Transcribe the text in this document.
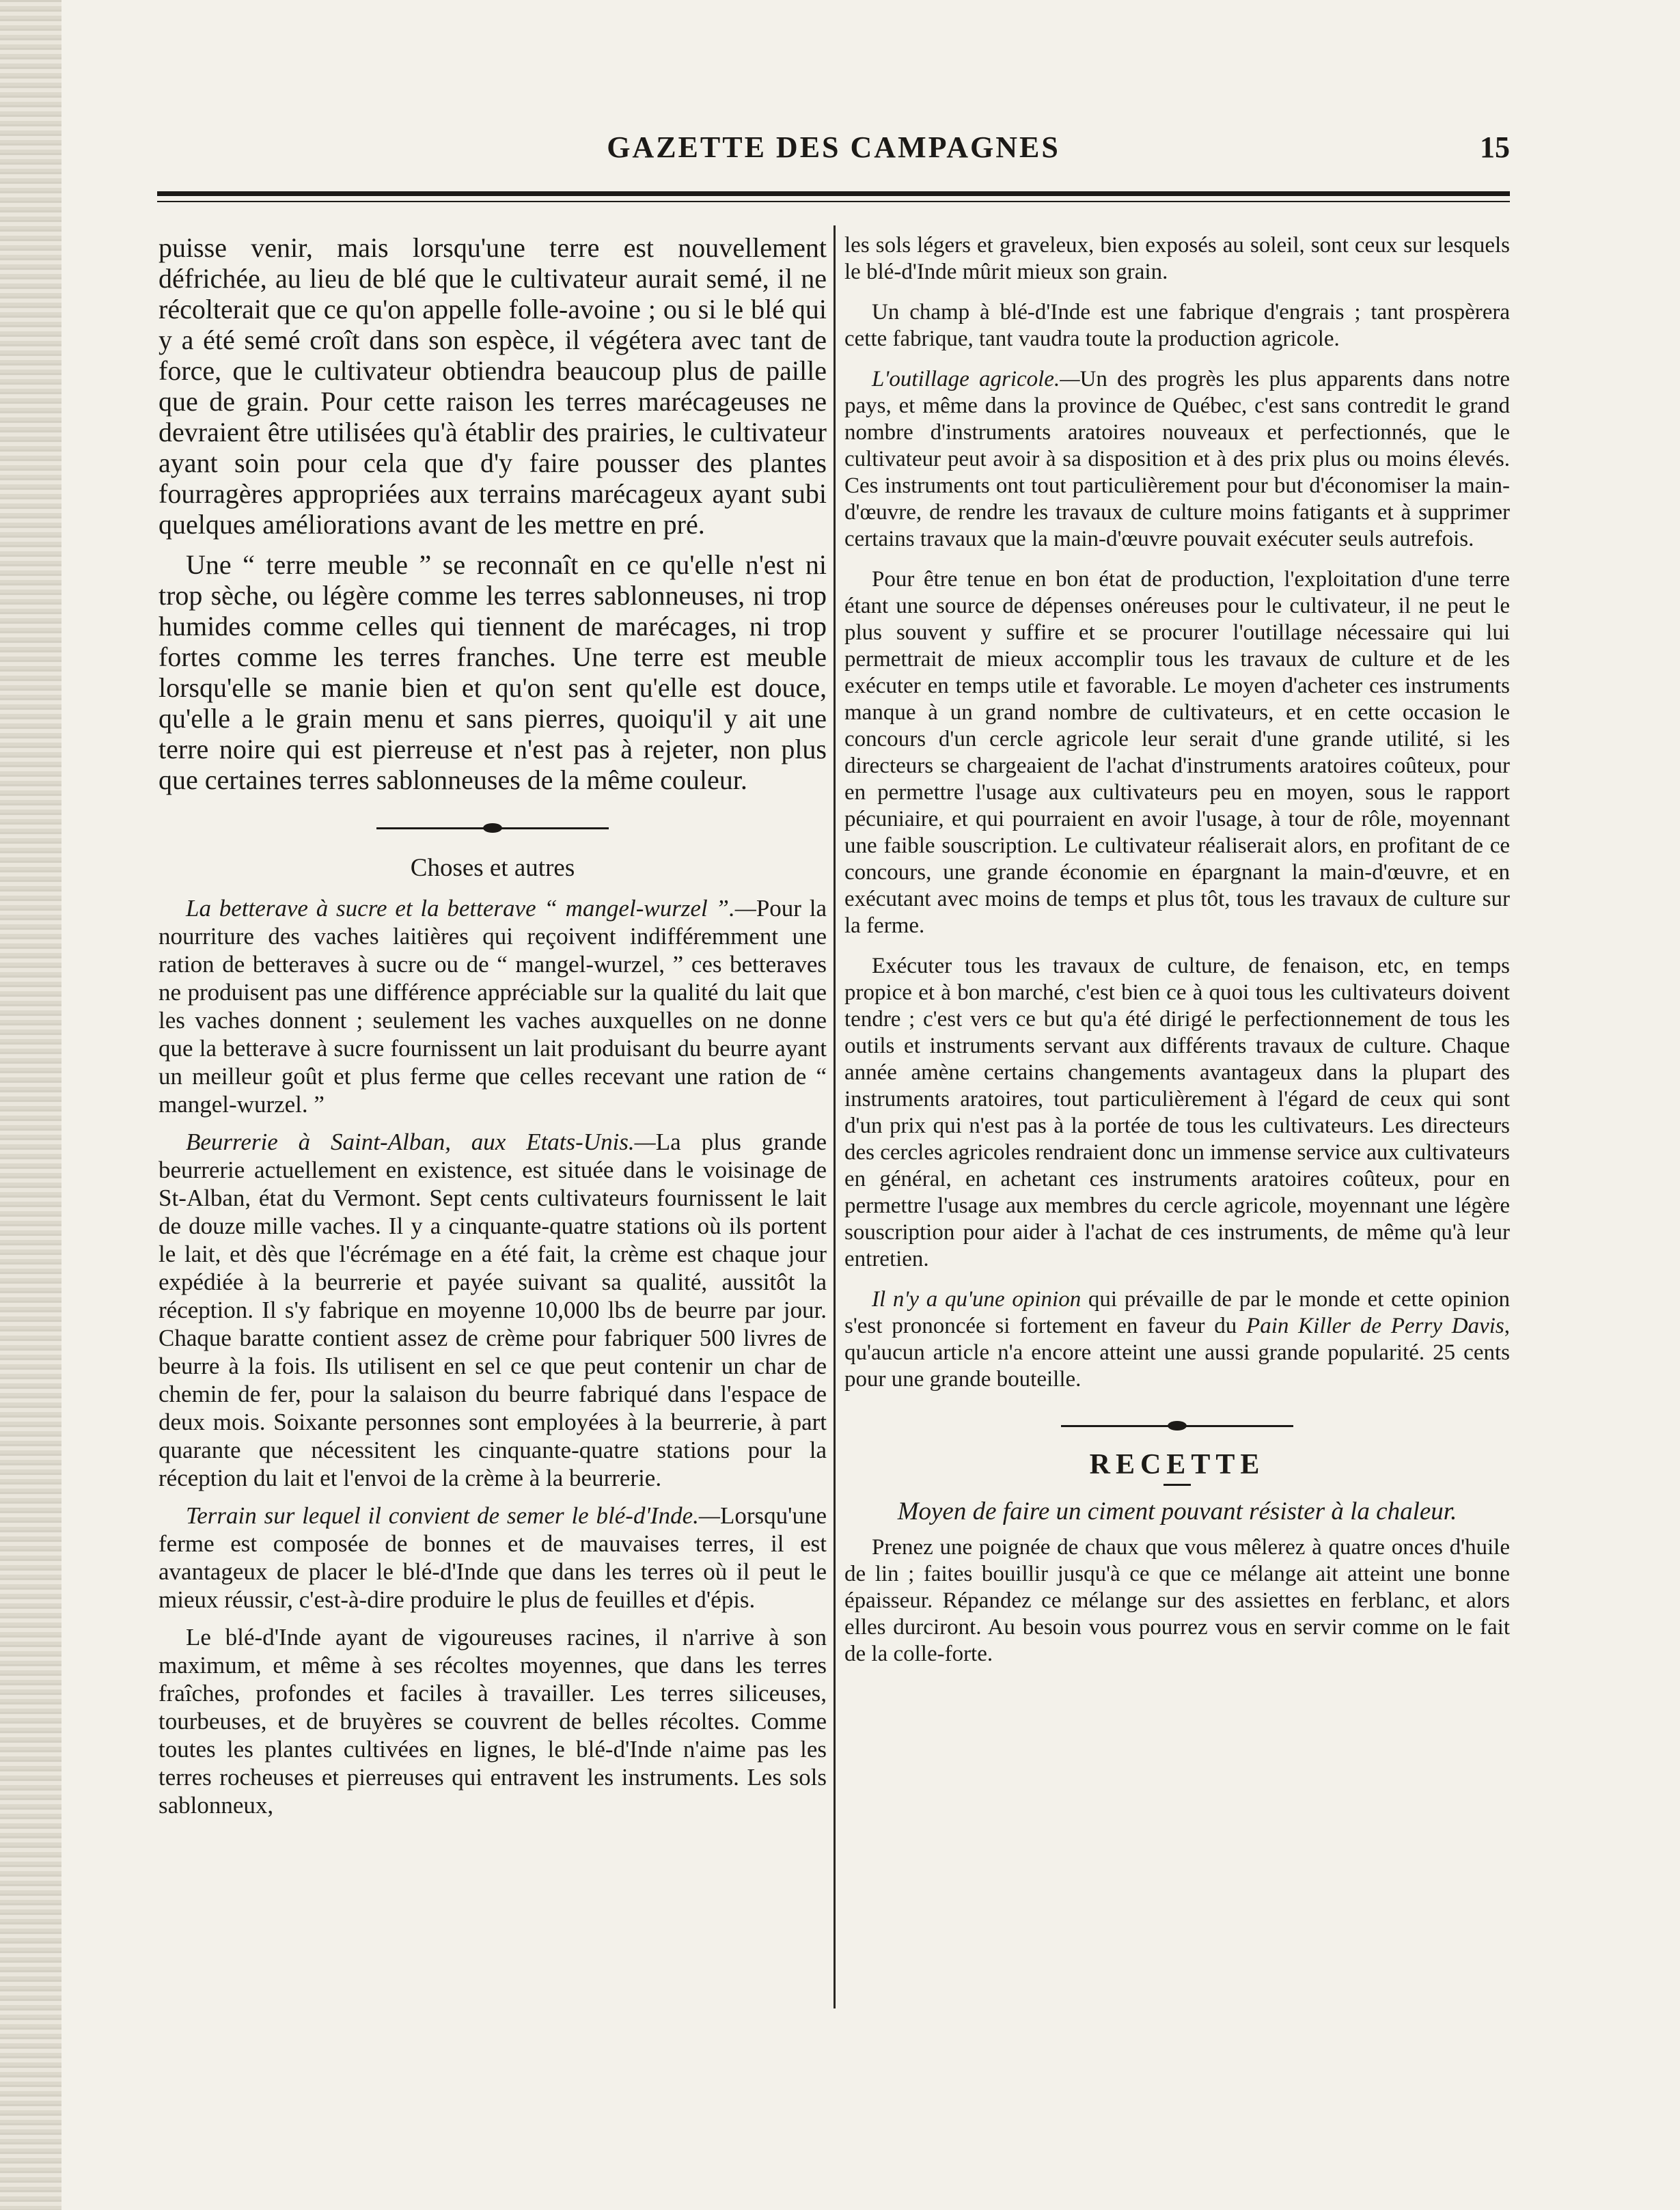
GAZETTE DES CAMPAGNES	15

puisse venir, mais lorsqu'une terre est nouvellement défrichée, au lieu de blé que le cultivateur aurait semé, il ne récolterait que ce qu'on appelle folle-avoine ; ou si le blé qui y a été semé croît dans son espèce, il végétera avec tant de force, que le cultivateur obtiendra beaucoup plus de paille que de grain. Pour cette raison les terres marécageuses ne devraient être utilisées qu'à établir des prairies, le cultivateur ayant soin pour cela que d'y faire pousser des plantes fourragères appropriées aux terrains marécageux ayant subi quelques améliorations avant de les mettre en pré.

Une “ terre meuble ” se reconnaît en ce qu'elle n'est ni trop sèche, ou légère comme les terres sablonneuses, ni trop humides comme celles qui tiennent de marécages, ni trop fortes comme les terres franches. Une terre est meuble lorsqu'elle se manie bien et qu'on sent qu'elle est douce, qu'elle a le grain menu et sans pierres, quoiqu'il y ait une terre noire qui est pierreuse et n'est pas à rejeter, non plus que certaines terres sablonneuses de la même couleur.

Choses et autres

La betterave à sucre et la betterave “ mangel-wurzel ”.—Pour la nourriture des vaches laitières qui reçoivent indifféremment une ration de betteraves à sucre ou de “ mangel-wurzel, ” ces betteraves ne produisent pas une différence appréciable sur la qualité du lait que les vaches donnent ; seulement les vaches auxquelles on ne donne que la betterave à sucre fournissent un lait produisant du beurre ayant un meilleur goût et plus ferme que celles recevant une ration de “ mangel-wurzel. ”

Beurrerie à Saint-Alban, aux Etats-Unis.—La plus grande beurrerie actuellement en existence, est située dans le voisinage de St-Alban, état du Vermont. Sept cents cultivateurs fournissent le lait de douze mille vaches. Il y a cinquante-quatre stations où ils portent le lait, et dès que l'écrémage en a été fait, la crème est chaque jour expédiée à la beurrerie et payée suivant sa qualité, aussitôt la réception. Il s'y fabrique en moyenne 10,000 lbs de beurre par jour. Chaque baratte contient assez de crème pour fabriquer 500 livres de beurre à la fois. Ils utilisent en sel ce que peut contenir un char de chemin de fer, pour la salaison du beurre fabriqué dans l'espace de deux mois. Soixante personnes sont employées à la beurrerie, à part quarante que nécessitent les cinquante-quatre stations pour la réception du lait et l'envoi de la crème à la beurrerie.

Terrain sur lequel il convient de semer le blé-d'Inde.—Lorsqu'une ferme est composée de bonnes et de mauvaises terres, il est avantageux de placer le blé-d'Inde que dans les terres où il peut le mieux réussir, c'est-à-dire produire le plus de feuilles et d'épis.

Le blé-d'Inde ayant de vigoureuses racines, il n'arrive à son maximum, et même à ses récoltes moyennes, que dans les terres fraîches, profondes et faciles à travailler. Les terres siliceuses, tourbeuses, et de bruyères se couvrent de belles récoltes. Comme toutes les plantes cultivées en lignes, le blé-d'Inde n'aime pas les terres rocheuses et pierreuses qui entravent les instruments. Les sols sablonneux,

les sols légers et graveleux, bien exposés au soleil, sont ceux sur lesquels le blé-d'Inde mûrit mieux son grain.

Un champ à blé-d'Inde est une fabrique d'engrais ; tant prospèrera cette fabrique, tant vaudra toute la production agricole.

L'outillage agricole.—Un des progrès les plus apparents dans notre pays, et même dans la province de Québec, c'est sans contredit le grand nombre d'instruments aratoires nouveaux et perfectionnés, que le cultivateur peut avoir à sa disposition et à des prix plus ou moins élevés. Ces instruments ont tout particulièrement pour but d'économiser la main-d'œuvre, de rendre les travaux de culture moins fatigants et à supprimer certains travaux que la main-d'œuvre pouvait exécuter seuls autrefois.

Pour être tenue en bon état de production, l'exploitation d'une terre étant une source de dépenses onéreuses pour le cultivateur, il ne peut le plus souvent y suffire et se procurer l'outillage nécessaire qui lui permettrait de mieux accomplir tous les travaux de culture et de les exécuter en temps utile et favorable. Le moyen d'acheter ces instruments manque à un grand nombre de cultivateurs, et en cette occasion le concours d'un cercle agricole leur serait d'une grande utilité, si les directeurs se chargeaient de l'achat d'instruments aratoires coûteux, pour en permettre l'usage aux cultivateurs peu en moyen, sous le rapport pécuniaire, et qui pourraient en avoir l'usage, à tour de rôle, moyennant une faible souscription. Le cultivateur réaliserait alors, en profitant de ce concours, une grande économie en épargnant la main-d'œuvre, et en exécutant avec moins de temps et plus tôt, tous les travaux de culture sur la ferme.

Exécuter tous les travaux de culture, de fenaison, etc, en temps propice et à bon marché, c'est bien ce à quoi tous les cultivateurs doivent tendre ; c'est vers ce but qu'a été dirigé le perfectionnement de tous les outils et instruments servant aux différents travaux de culture. Chaque année amène certains changements avantageux dans la plupart des instruments aratoires, tout particulièrement à l'égard de ceux qui sont d'un prix qui n'est pas à la portée de tous les cultivateurs. Les directeurs des cercles agricoles rendraient donc un immense service aux cultivateurs en général, en achetant ces instruments aratoires coûteux, pour en permettre l'usage aux membres du cercle agricole, moyennant une légère souscription pour aider à l'achat de ces instruments, de même qu'à leur entretien.

Il n'y a qu'une opinion qui prévaille de par le monde et cette opinion s'est prononcée si fortement en faveur du Pain Killer de Perry Davis, qu'aucun article n'a encore atteint une aussi grande popularité. 25 cents pour une grande bouteille.

RECETTE
Moyen de faire un ciment pouvant résister à la chaleur.

Prenez une poignée de chaux que vous mêlerez à quatre onces d'huile de lin ; faites bouillir jusqu'à ce que ce mélange ait atteint une bonne épaisseur. Répandez ce mélange sur des assiettes en ferblanc, et alors elles durciront. Au besoin vous pourrez vous en servir comme on le fait de la colle-forte.
